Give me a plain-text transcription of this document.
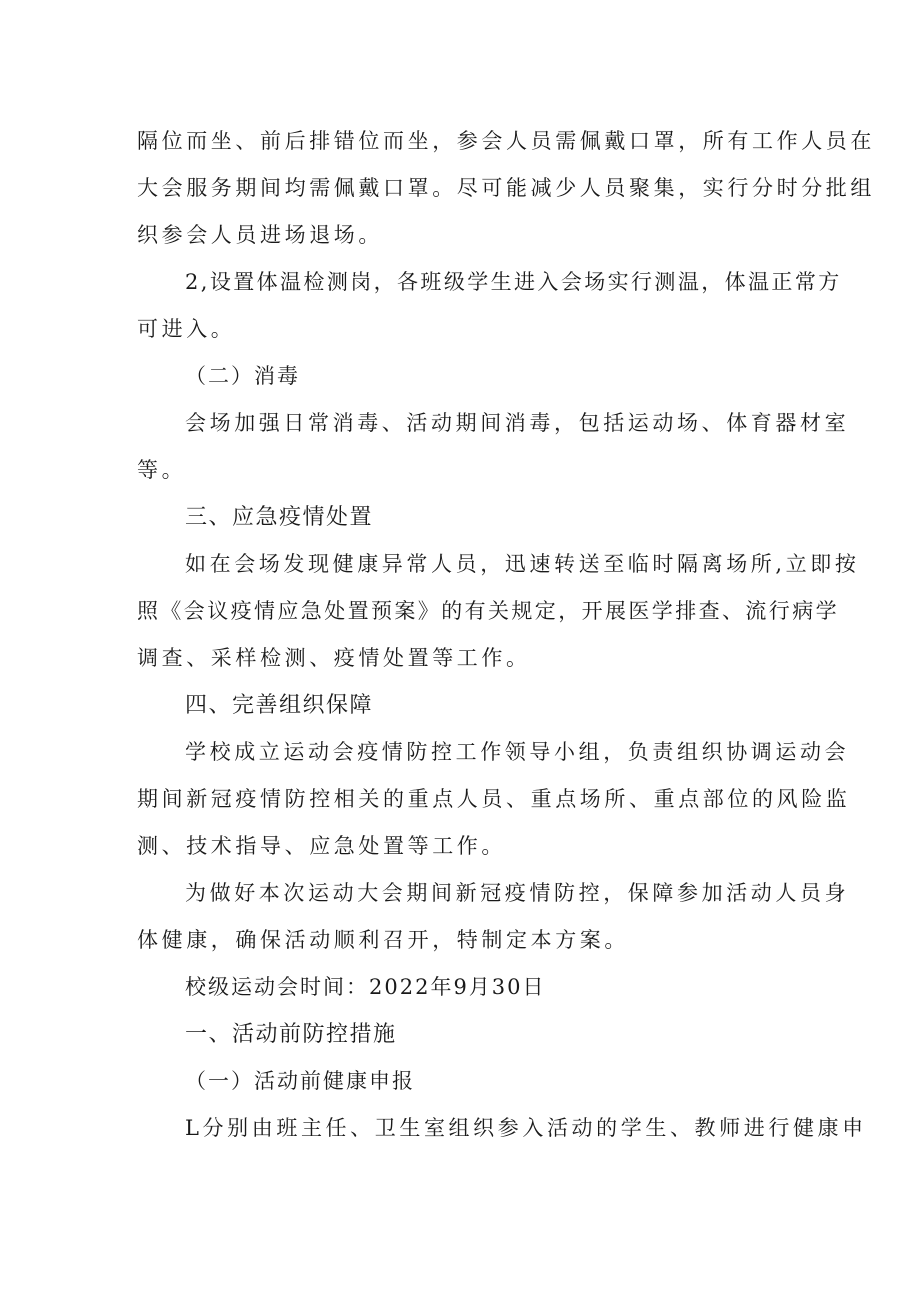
隔位而坐、前后排错位而坐，参会人员需佩戴口罩，所有工作人员在
大会服务期间均需佩戴口罩。尽可能减少人员聚集，实行分时分批组
织参会人员进场退场。
2,设置体温检测岗，各班级学生进入会场实行测温，体温正常方
可进入。
（二）消毒
会场加强日常消毒、活动期间消毒，包括运动场、体育器材室
等。
三、应急疫情处置
如在会场发现健康异常人员，迅速转送至临时隔离场所,立即按
照《会议疫情应急处置预案》的有关规定，开展医学排查、流行病学
调查、采样检测、疫情处置等工作。
四、完善组织保障
学校成立运动会疫情防控工作领导小组，负责组织协调运动会
期间新冠疫情防控相关的重点人员、重点场所、重点部位的风险监
测、技术指导、应急处置等工作。
为做好本次运动大会期间新冠疫情防控，保障参加活动人员身
体健康，确保活动顺利召开，特制定本方案。
校级运动会时间：2022年9月30日
一、活动前防控措施
（一）活动前健康申报
L分别由班主任、卫生室组织参入活动的学生、教师进行健康申
